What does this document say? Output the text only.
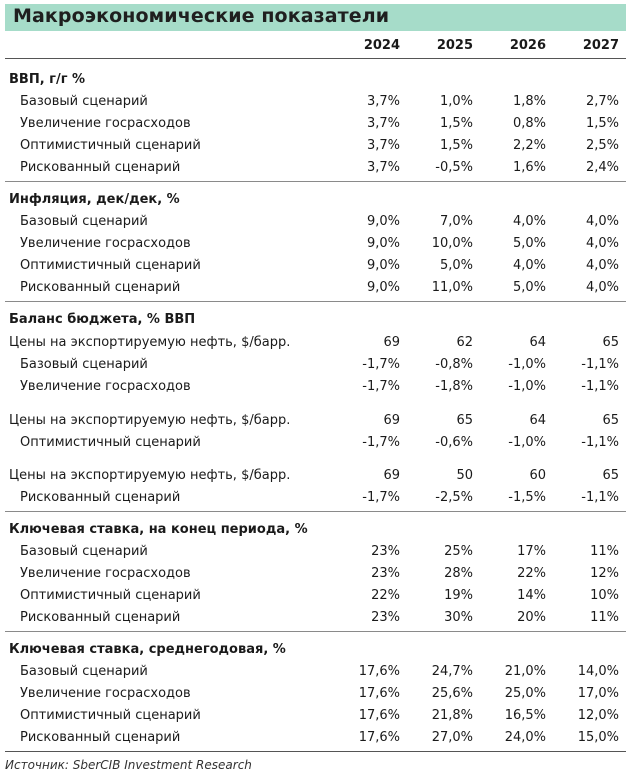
Макроэкономические показатели
2024	2025	2026	2027
ВВП, г/г %
Базовый сценарий	3,7%	1,0%	1,8%	2,7%
Увеличение госрасходов	3,7%	1,5%	0,8%	1,5%
Оптимистичный сценарий	3,7%	1,5%	2,2%	2,5%
Рискованный сценарий	3,7%	-0,5%	1,6%	2,4%
Инфляция, дек/дек, %
Базовый сценарий	9,0%	7,0%	4,0%	4,0%
Увеличение госрасходов	9,0%	10,0%	5,0%	4,0%
Оптимистичный сценарий	9,0%	5,0%	4,0%	4,0%
Рискованный сценарий	9,0%	11,0%	5,0%	4,0%
Баланс бюджета, % ВВП
Цены на экспортируемую нефть, $/барр.	69	62	64	65
Базовый сценарий	-1,7%	-0,8%	-1,0%	-1,1%
Увеличение госрасходов	-1,7%	-1,8%	-1,0%	-1,1%
Цены на экспортируемую нефть, $/барр.	69	65	64	65
Оптимистичный сценарий	-1,7%	-0,6%	-1,0%	-1,1%
Цены на экспортируемую нефть, $/барр.	69	50	60	65
Рискованный сценарий	-1,7%	-2,5%	-1,5%	-1,1%
Ключевая ставка, на конец периода, %
Базовый сценарий	23%	25%	17%	11%
Увеличение госрасходов	23%	28%	22%	12%
Оптимистичный сценарий	22%	19%	14%	10%
Рискованный сценарий	23%	30%	20%	11%
Ключевая ставка, среднегодовая, %
Базовый сценарий	17,6%	24,7%	21,0%	14,0%
Увеличение госрасходов	17,6%	25,6%	25,0%	17,0%
Оптимистичный сценарий	17,6%	21,8%	16,5%	12,0%
Рискованный сценарий	17,6%	27,0%	24,0%	15,0%
Источник: SberCIB Investment Research
